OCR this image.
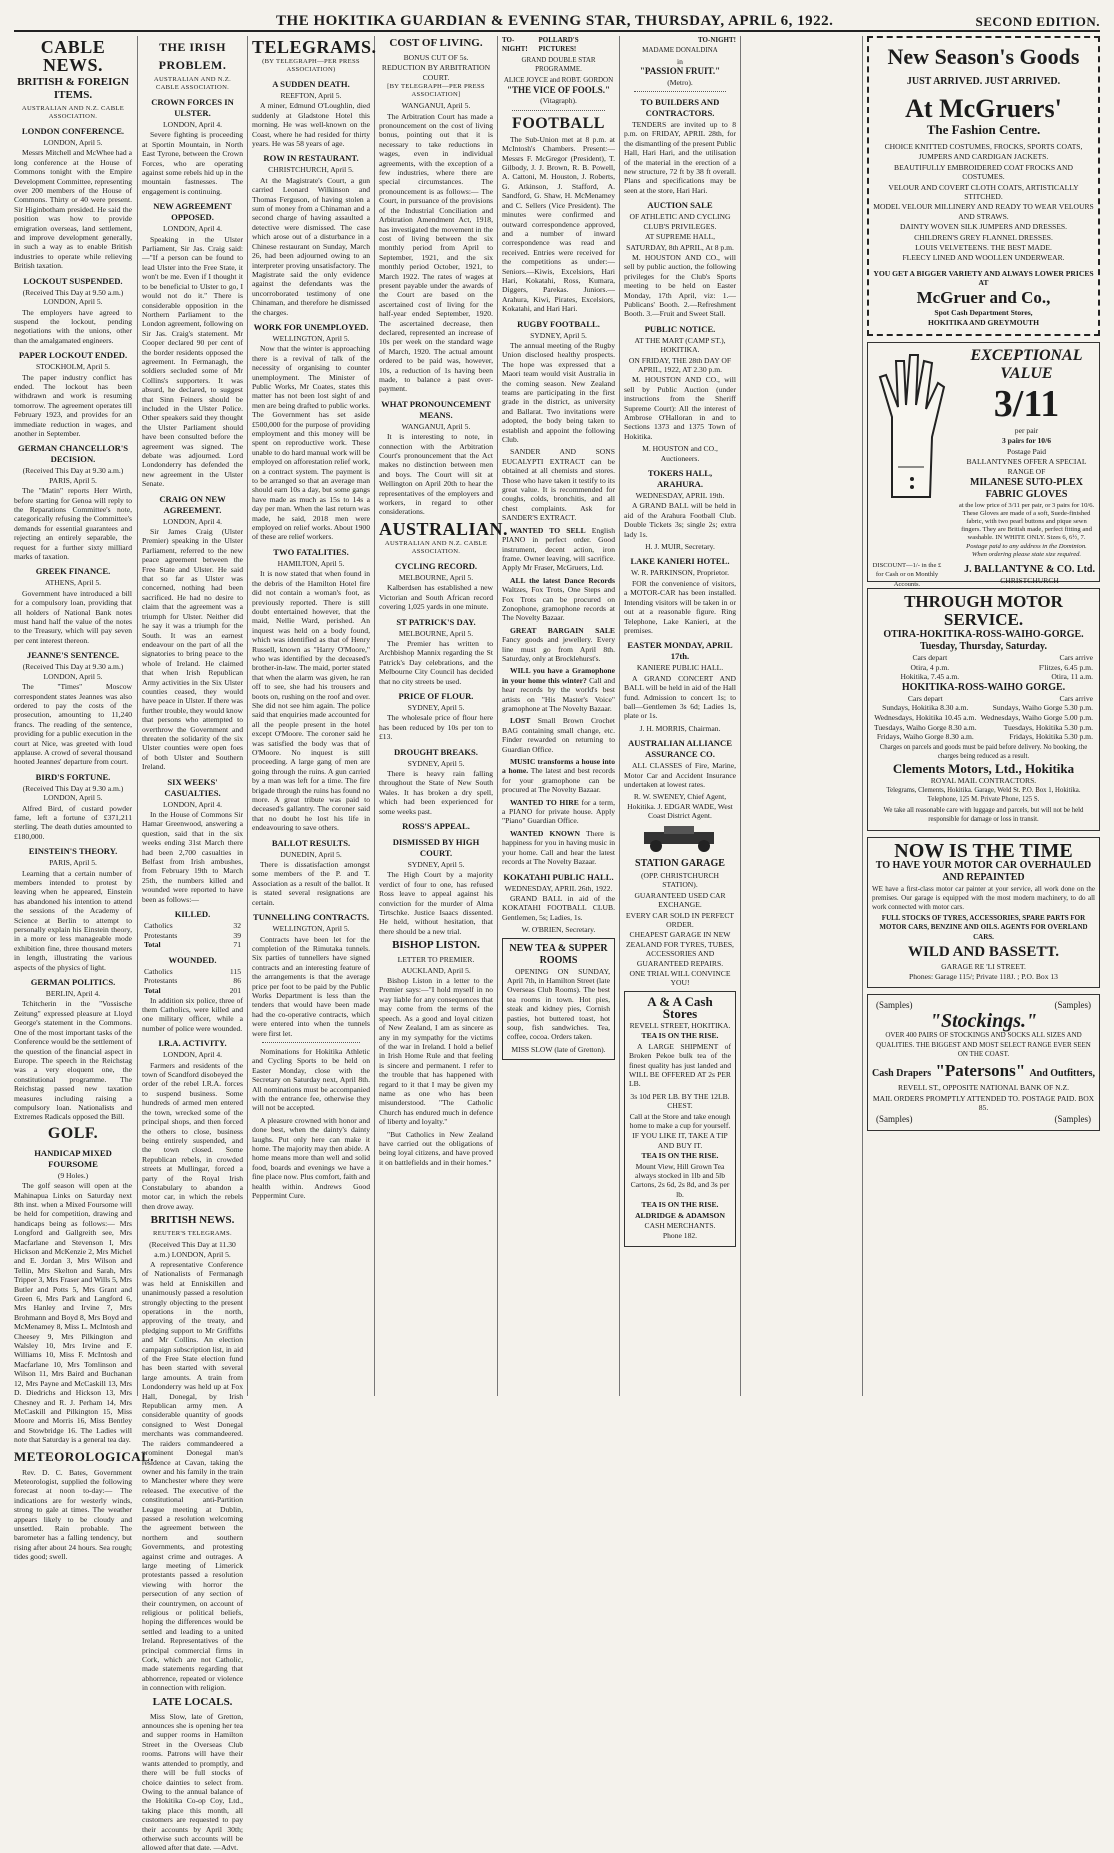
THE HOKITIKA GUARDIAN & EVENING STAR, THURSDAY, APRIL 6, 1922.	SECOND EDITION.
CABLE NEWS.
BRITISH & FOREIGN ITEMS.
AUSTRALIAN AND N.Z. CABLE ASSOCIATION.
LONDON CONFERENCE.
LONDON, April 5.

Messrs Mitchell and McWhee had a long conference at the House of Commons tonight with the Empire Development Committee, representing over 200 members of the House of Commons. Thirty or 40 were present. Sir Higinbotham presided. He said the position was how to provide emigration overseas, land settlement, and improve development generally, in such a way as to enable British industries to operate while relieving British taxation.

LOCKOUT SUSPENDED.
(Received This Day at 9.50 a.m.) LONDON, April 5.

The employers have agreed to suspend the lockout, pending negotiations with the unions, other than the amalgamated engineers.

PAPER LOCKOUT ENDED.
STOCKHOLM, April 5.

The paper industry conflict has ended. The lockout has been withdrawn and work is resuming tomorrow. The agreement operates till February 1923, and provides for an immediate reduction in wages, and another in September.

GERMAN CHANCELLOR'S DECISION.
(Received This Day at 9.30 a.m.) PARIS, April 5.

The "Matin" reports Herr Wirth, before starting for Genoa will reply to the Reparations Committee's note, categorically refusing the Committee's demands for essential guarantees and rejecting an entirely separable, the request for a further sixty milliard marks of taxation.

GREEK FINANCE.
ATHENS, April 5.

Government have introduced a bill for a compulsory loan, providing that all holders of National Bank notes must hand half the value of the notes to the Treasury, which will pay seven per cent interest thereon.

JEANNE'S SENTENCE.
(Received This Day at 9.30 a.m.) LONDON, April 5.

The "Times" Moscow correspondent states Jeannes was also ordered to pay the costs of the prosecution, amounting to 11,240 francs. The reading of the sentence, providing for a public execution in the court at Nice, was greeted with loud applause. A crowd of several thousand hooted Jeannes' departure from court.

BIRD'S FORTUNE.
(Received This Day at 9.30 a.m.) LONDON, April 5.

Alfred Bird, of custard powder fame, left a fortune of £371,211 sterling. The death duties amounted to £180,000.

EINSTEIN'S THEORY.
PARIS, April 5.

Learning that a certain number of members intended to protest by leaving when he appeared, Einstein has abandoned his intention to attend the sessions of the Academy of Science at Berlin to attempt to personally explain his Einstein theory, in a more or less manageable mode exhibition fine, three thousand meters in length, illustrating the various aspects of the physics of light.

GERMAN POLITICS.
BERLIN, April 4.

Tchitcherin in the "Vossische Zeitung" expressed pleasure at Lloyd George's statement in the Commons. One of the most important tasks of the Conference would be the settlement of the question of the financial aspect in Europe. The speech in the Reichstag was a very eloquent one, the constitutional programme. The Reichstag passed new taxation measures including raising a compulsory loan. Nationalists and Extremes Radicals opposed the Bill.

GOLF.
HANDICAP MIXED FOURSOME
(9 Holes.)

The golf season will open at the Mahinapua Links on Saturday next 8th inst. when a Mixed Foursome will be held for competition, drawing and handicaps being as follows:— Mrs Longford and Gallgreith see, Mrs Macfarlane and Stevenson I, Mrs Hickson and McKenzie 2, Mrs Michel and E. Jordan 3, Mrs Wilson and Tellin, Mrs Skelton and Sarah, Mrs Tripper 3, Mrs Fraser and Wills 5, Mrs Butler and Potts 5, Mrs Grant and Green 6, Mrs Park and Langford 6, Mrs Hanley and Irvine 7, Mrs Brohmann and Boyd 8, Mrs Boyd and McMenamey 8, Miss L. McIntosh and Cheesey 9, Mrs Pilkington and Walsley 10, Mrs Irvine and F. Williams 10, Miss F. McIntosh and Macfarlane 10, Mrs Tomlinson and Wilson 11, Mrs Baird and Buchanan 12, Mrs Payne and McCaskill 13, Mrs D. Diedrichs and Hickson 13, Mrs Chesney and R. J. Perham 14, Mrs McCaskill and Pilkington 15, Miss Moore and Morris 16, Miss Bentley and Stowbridge 16. The Ladies will note that Saturday is a general tea day.

METEOROLOGICAL.

Rev. D. C. Bates, Government Meteorologist, supplied the following forecast at noon to-day:— The indications are for westerly winds, strong to gale at times. The weather appears likely to be cloudy and unsettled. Rain probable. The barometer has a falling tendency, but rising after about 24 hours. Sea rough; tides good; swell.

THE IRISH PROBLEM.
AUSTRALIAN AND N.Z. CABLE ASSOCIATION.
CROWN FORCES IN ULSTER.
LONDON, April 4.

Severe fighting is proceeding at Sportin Mountain, in North East Tyrone, between the Crown Forces, who are operating against some rebels hid up in the mountain fastnesses. The engagement is continuing.

NEW AGREEMENT OPPOSED.
LONDON, April 4.

Speaking in the Ulster Parliament, Sir Jas. Craig said:—"If a person can be found to lead Ulster into the Free State, it won't be me. Even if I thought it to be beneficial to Ulster to go, I would not do it." There is considerable opposition in the Northern Parliament to the London agreement, following on Sir Jas. Craig's statement. Mr Cooper declared 90 per cent of the border residents opposed the agreement. In Fermanagh, the soldiers secluded some of Mr Collins's supporters. It was absurd, he declared, to suggest that Sinn Feiners should be included in the Ulster Police. Other speakers said they thought the Ulster Parliament should have been consulted before the agreement was signed. The debate was adjourned. Lord Londonderry has defended the new agreement in the Ulster Senate.

CRAIG ON NEW AGREEMENT.
LONDON, April 4.

Sir James Craig (Ulster Premier) speaking in the Ulster Parliament, referred to the new peace agreement between the Free State and Ulster. He said that so far as Ulster was concerned, nothing had been sacrificed. He had no desire to claim that the agreement was a triumph for Ulster. Neither did he say it was a triumph for the South. It was an earnest endeavour on the part of all the signatories to bring peace to the whole of Ireland. He claimed that when Irish Republican Army activities in the Six Ulster counties ceased, they would have peace in Ulster. If there was further trouble, they would know that persons who attempted to overthrow the Government and threaten the solidarity of the six Ulster counties were open foes of both Ulster and Southern Ireland.

SIX WEEKS' CASUALTIES.
LONDON, April 4.

In the House of Commons Sir Hamar Greenwood, answering a question, said that in the six weeks ending 31st March there had been 2,700 casualties in Belfast from Irish ambushes, from February 19th to March 25th, the numbers killed and wounded were reported to have been as follows:—

KILLED.
Catholics	32
Protestants	39
Total	71
WOUNDED.
Catholics	115
Protestants	86
Total	201

In addition six police, three of them Catholics, were killed and one military officer, while a number of police were wounded.

I.R.A. ACTIVITY.
LONDON, April 4.

Farmers and residents of the town of Scandford disobeyed the order of the rebel I.R.A. forces to suspend business. Some hundreds of armed men entered the town, wrecked some of the principal shops, and then forced the others to close, business being entirely suspended, and the town closed. Some Republican rebels, in crowded streets at Mullingar, forced a party of the Royal Irish Constabulary to abandon a motor car, in which the rebels then drove away.

BRITISH NEWS.
REUTER'S TELEGRAMS.
(Received This Day at 11.30 a.m.) LONDON, April 5.

A representative Conference of Nationalists of Fermanagh was held at Enniskillen and unanimously passed a resolution strongly objecting to the present operations in the north, approving of the treaty, and pledging support to Mr Griffiths and Mr Collins. An election campaign subscription list, in aid of the Free State election fund has been started with several large amounts. A train from Londonderry was held up at Fox Hall, Donegal, by Irish Republican army men. A considerable quantity of goods consigned to West Donegal merchants was commandeered. The raiders commandeered a prominent Donegal man's residence at Cavan, taking the owner and his family in the train to Manchester where they were released. The executive of the constitutional anti-Partition League meeting at Dublin, passed a resolution welcoming the agreement between the northern and southern Governments, and protesting against crime and outrages. A large meeting of Limerick protestants passed a resolution viewing with horror the persecution of any section of their countrymen, on account of religious or political beliefs, hoping the differences would be settled and leading to a united Ireland. Representatives of the principal commercial firms in Cork, which are not Catholic, made statements regarding that abhorrence, repeated or violence in connection with religion.

LATE LOCALS.

Miss Slow, late of Gretton, announces she is opening her tea and supper rooms in Hamilton Street in the Overseas Club rooms. Patrons will have their wants attended to promptly, and there will be full stocks of choice dainties to select from. Owing to the annual balance of the Hokitika Co-op Coy, Ltd., taking place this month, all customers are requested to pay their accounts by April 30th; otherwise such accounts will be allowed after that date. —Advt.

TELEGRAMS.
(BY TELEGRAPH—PER PRESS ASSOCIATION)
A SUDDEN DEATH.
REEFTON, April 5.

A miner, Edmund O'Loughlin, died suddenly at Gladstone Hotel this morning. He was well-known on the Coast, where he had resided for thirty years. He was 58 years of age.

ROW IN RESTAURANT.
CHRISTCHURCH, April 5.

At the Magistrate's Court, a gun carried Leonard Wilkinson and Thomas Ferguson, of having stolen a sum of money from a Chinaman and a second charge of having assaulted a detective were dismissed. The case which arose out of a disturbance in a Chinese restaurant on Sunday, March 26, had been adjourned owing to an interpreter proving unsatisfactory. The Magistrate said the only evidence against the defendants was the uncorroborated testimony of one Chinaman, and therefore he dismissed the charges.

WORK FOR UNEMPLOYED.
WELLINGTON, April 5.

Now that the winter is approaching there is a revival of talk of the necessity of organising to counter unemployment. The Minister of Public Works, Mr Coates, states this matter has not been lost sight of and men are being drafted to public works. The Government has set aside £500,000 for the purpose of providing employment and this money will be spent on reproductive work. These unable to do hard manual work will be employed on afforestation relief work, on a contract system. The payment is to be arranged so that an average man should earn 10s a day, but some gangs have made as much as 15s to 14s a day per man. When the last return was made, he said, 2018 men were employed on relief works. About 1900 of these are relief workers.

TWO FATALITIES.
HAMILTON, April 5.

It is now stated that when found in the debris of the Hamilton Hotel fire did not contain a woman's foot, as previously reported. There is still doubt entertained however, that the maid, Nellie Ward, perished. An inquest was held on a body found, which was identified as that of Henry Russell, known as "Harry O'Moore," who was identified by the deceased's brother-in-law. The maid, porter stated that when the alarm was given, he ran off to see, she had his trousers and boots on, rushing on the roof and over. She did not see him again. The police said that enquiries made accounted for all the people present in the hotel except O'Moore. The coroner said he was satisfied the body was that of O'Moore. No inquest is still proceeding. A large gang of men are going through the ruins. A gun carried by a man was left for a time. The fire brigade through the ruins has found no more. A great tribute was paid to deceased's gallantry. The coroner said that no doubt he lost his life in endeavouring to save others.

BALLOT RESULTS.
DUNEDIN, April 5.

There is dissatisfaction amongst some members of the P. and T. Association as a result of the ballot. It is stated several resignations are certain.

TUNNELLING CONTRACTS.
WELLINGTON, April 5.

Contracts have been let for the completion of the Rimutaka tunnels. Six parties of tunnellers have signed contracts and an interesting feature of the arrangements is that the average price per foot to be paid by the Public Works Department is less than the tenders that would have been made had the co-operative contracts, which were entered into when the tunnels were first let.

Nominations for Hokitika Athletic and Cycling Sports to be held on Easter Monday, close with the Secretary on Saturday next, April 8th. All nominations must be accompanied with the entrance fee, otherwise they will not be accepted.

A pleasure crowned with honor and done best, when the dainty's dainty laughs. Put only here can make it home. The majority may then abide. A home means more than well and solid food, boards and evenings we have a fine place now. Plus comfort, faith and health within. Andrews Good Peppermint Cure.

COST OF LIVING.
BONUS CUT OF 5s.
REDUCTION BY ARBITRATION COURT.
[BY TELEGRAPH—PER PRESS ASSOCIATION]
WANGANUI, April 5.

The Arbitration Court has made a pronouncement on the cost of living bonus, pointing out that it is necessary to take reductions in wages, even in individual agreements, with the exception of a few industries, where there are special circumstances. The pronouncement is as follows:— The Court, in pursuance of the provisions of the Industrial Conciliation and Arbitration Amendment Act, 1918, has investigated the movement in the cost of living between the six monthly period from April to September, 1921, and the six monthly period October, 1921, to March 1922. The rates of wages at present payable under the awards of the Court are based on the ascertained cost of living for the half-year ended September, 1920. The ascertained decrease, then declared, represented an increase of 10s per week on the standard wage of March, 1920. The actual amount ordered to be paid was, however, 10s, a reduction of 1s having been made, to balance a past over-payment.

WHAT PRONOUNCEMENT MEANS.
WANGANUI, April 5.

It is interesting to note, in connection with the Arbitration Court's pronouncement that the Act makes no distinction between men and boys. The Court will sit at Wellington on April 20th to hear the representatives of the employers and workers, in regard to other considerations.

AUSTRALIAN.
AUSTRALIAN AND N.Z. CABLE ASSOCIATION.
CYCLING RECORD.
MELBOURNE, April 5.

Kalberdsen has established a new Victorian and South African record covering 1,025 yards in one minute.

ST PATRICK'S DAY.
MELBOURNE, April 5.

The Premier has written to Archbishop Mannix regarding the St Patrick's Day celebrations, and the Melbourne City Council has decided that no city streets be used.

PRICE OF FLOUR.
SYDNEY, April 5.

The wholesale price of flour here has been reduced by 10s per ton to £13.

DROUGHT BREAKS.
SYDNEY, April 5.

There is heavy rain falling throughout the State of New South Wales. It has broken a dry spell, which had been experienced for some weeks past.

ROSS'S APPEAL.
DISMISSED BY HIGH COURT.
SYDNEY, April 5.

The High Court by a majority verdict of four to one, has refused Ross leave to appeal against his conviction for the murder of Alma Tirtschke. Justice Isaacs dissented. He held, without hesitation, that there should be a new trial.

BISHOP LISTON.
LETTER TO PREMIER.
AUCKLAND, April 5.

Bishop Liston in a letter to the Premier says:—"I hold myself in no way liable for any consequences that may come from the terms of the speech. As a good and loyal citizen of New Zealand, I am as sincere as any in my sympathy for the victims of the war in Ireland. I hold a belief in Irish Home Rule and that feeling is sincere and permanent. I refer to the trouble that has happened with regard to it that I may be given my name as one who has been misunderstood. "The Catholic Church has endured much in defence of liberty and loyalty."

"But Catholics in New Zealand have carried out the obligations of being loyal citizens, and have proved it on battlefields and in their homes."

TO-NIGHT!
POLLARD'S PICTURES!
GRAND DOUBLE STAR PROGRAMME.
ALICE JOYCE and ROBT. GORDON
"THE VICE OF FOOLS."
(Vitagraph).
FOOTBALL

The Sub-Union met at 8 p.m. at McIntosh's Chambers. Present:—Messrs F. McGregor (President), T. Gilbody, J. J. Brown, R. B. Powell, A. Cattoni, M. Houston, J. Roberts, G. Atkinson, J. Stafford, A. Sandford, G. Shaw, H. McMenamey and C. Sellers (Vice President). The minutes were confirmed and outward correspondence approved, and a number of inward correspondence was read and received. Entries were received for the competitions as under:— Seniors.—Kiwis, Excelsiors, Hari Hari, Kokatahi, Ross, Kumara, Diggers, Parekas. Juniors.—Arahura, Kiwi, Pirates, Excelsiors, Kokatahi, and Hari Hari.

RUGBY FOOTBALL.
SYDNEY, April 5.

The annual meeting of the Rugby Union disclosed healthy prospects. The hope was expressed that a Maori team would visit Australia in the coming season. New Zealand teams are participating in the first grade in the district, as university and Ballarat. Two invitations were adopted, the body being taken to establish and appoint the following Club.

SANDER AND SONS EUCALYPTI EXTRACT can be obtained at all chemists and stores. Those who have taken it testify to its great value. It is recommended for coughs, colds, bronchitis, and all chest complaints. Ask for SANDER'S EXTRACT.

WANTED TO SELL English PIANO in perfect order. Good instrument, decent action, iron frame. Owner leaving, will sacrifice. Apply Mr Fraser, McGruers, Ltd.

ALL the latest Dance Records Waltzes, Fox Trots, One Steps and Fox Trots can be procured on Zonophone, gramophone records at The Novelty Bazaar.

GREAT BARGAIN SALE Fancy goods and jewellery. Every line must go from April 8th. Saturday, only at Brocklehurst's.

WILL you have a Gramophone in your home this winter? Call and hear records by the world's best artists on "His Master's Voice" gramophone at The Novelty Bazaar.

LOST Small Brown Crochet BAG containing small change, etc. Finder rewarded on returning to Guardian Office.

MUSIC transforms a house into a home. The latest and best records for your gramophone can be procured at The Novelty Bazaar.

WANTED TO HIRE for a term, a PIANO for private house. Apply "Piano" Guardian Office.

WANTED KNOWN There is happiness for you in having music in your home. Call and hear the latest records at The Novelty Bazaar.

KOKATAHI PUBLIC HALL.
WEDNESDAY, APRIL 26th, 1922.

GRAND BALL in aid of the KOKATAHI FOOTBALL CLUB. Gentlemen, 5s; Ladies, 1s.

W. O'BRIEN, Secretary.
NEW TEA & SUPPER ROOMS

OPENING ON SUNDAY, April 7th, in Hamilton Street (late Overseas Club Rooms). The best tea rooms in town. Hot pies, steak and kidney pies, Cornish pasties, hot buttered toast, hot soup, fish sandwiches. Tea, coffee, cocoa. Orders taken.

MISS SLOW (late of Gretton).
TO-NIGHT!
MADAME DONALDINA
in
"PASSION FRUIT."
(Metro).
TO BUILDERS AND CONTRACTORS.

TENDERS are invited up to 8 p.m. on FRIDAY, APRIL 28th, for the dismantling of the present Public Hall, Hari Hari, and the utilisation of the material in the erection of a new structure, 72 ft by 38 ft overall. Plans and specifications may be seen at the store, Hari Hari.

AUCTION SALE
OF ATHLETIC AND CYCLING CLUB'S PRIVILEGES.
AT SUPREME HALL,
SATURDAY, 8th APRIL, At 8 p.m.

M. HOUSTON AND CO., will sell by public auction, the following privileges for the Club's Sports meeting to be held on Easter Monday, 17th April, viz: 1.—Publicans' Booth. 2.—Refreshment Booth. 3.—Fruit and Sweet Stall.

PUBLIC NOTICE.
AT THE MART (CAMP ST.), HOKITIKA.
ON FRIDAY, THE 28th DAY OF APRIL, 1922, AT 2.30 p.m.

M. HOUSTON AND CO., will sell by Public Auction (under instructions from the Sheriff Supreme Court): All the interest of Ambrose O'Halloran in and to Sections 1373 and 1375 Town of Hokitika.

M. HOUSTON and CO., Auctioneers.
TOKERS HALL, ARAHURA.
WEDNESDAY, APRIL 19th.

A GRAND BALL will be held in aid of the Arahura Football Club. Double Tickets 3s; single 2s; extra lady 1s.

H. J. MUIR, Secretary.
LAKE KANIERI HOTEL.
W. R. PARKINSON, Proprietor.

FOR the convenience of visitors, a MOTOR-CAR has been installed. Intending visitors will be taken in or out at a reasonable figure. Ring Telephone, Lake Kanieri, at the premises.

EASTER MONDAY, APRIL 17th.
KANIERE PUBLIC HALL.

A GRAND CONCERT AND BALL will be held in aid of the Hall fund. Admission to concert 1s; to ball—Gentlemen 3s 6d; Ladies 1s, plate or 1s.

J. H. MORRIS, Chairman.
AUSTRALIAN ALLIANCE ASSURANCE CO.

ALL CLASSES of Fire, Marine, Motor Car and Accident Insurance undertaken at lowest rates.

R. W. SWENEY, Chief Agent, Hokitika. J. EDGAR WADE, West Coast District Agent.
STATION GARAGE
(OPP. CHRISTCHURCH STATION).
GUARANTEED USED CAR EXCHANGE.
EVERY CAR SOLD IN PERFECT ORDER.
CHEAPEST GARAGE IN NEW ZEALAND FOR TYRES, TUBES, ACCESSORIES AND GUARANTEED REPAIRS.
ONE TRIAL WILL CONVINCE YOU!
A & A Cash Stores
REVELL STREET, HOKITIKA.
TEA IS ON THE RISE.

A LARGE SHIPMENT of Broken Pekoe bulk tea of the finest quality has just landed and WILL BE OFFERED AT 2s PER LB.

3s 10d PER LB. BY THE 12LB. CHEST.
Call at the Store and take enough home to make a cup for yourself.
IF YOU LIKE IT, TAKE A TIP AND BUY IT.
TEA IS ON THE RISE.
Mount View, Hill Grown Tea always stocked in 1lb and 5lb Cartons, 2s 6d, 2s 8d, and 3s per lb.
TEA IS ON THE RISE.
ALDRIDGE & ADAMSON
CASH MERCHANTS.
Phone 182.
New Season's Goods
JUST ARRIVED. JUST ARRIVED.
At McGruers'
The Fashion Centre.
CHOICE KNITTED COSTUMES, FROCKS, SPORTS COATS,
JUMPERS AND CARDIGAN JACKETS.
BEAUTIFULLY EMBROIDERED COAT FROCKS AND COSTUMES.
VELOUR AND COVERT CLOTH COATS, ARTISTICALLY STITCHED.
MODEL VELOUR MILLINERY AND READY TO WEAR VELOURS AND STRAWS.
DAINTY WOVEN SILK JUMPERS AND DRESSES.
CHILDREN'S GREY FLANNEL DRESSES.
LOUIS VELVETEENS. THE BEST MADE.
FLEECY LINED AND WOOLLEN UNDERWEAR.
YOU GET A BIGGER VARIETY AND ALWAYS LOWER PRICES AT
McGruer and Co.,
Spot Cash Department Stores,
HOKITIKA AND GREYMOUTH
EXCEPTIONAL
VALUE
3/11
per pair
3 pairs for 10/6
Postage Paid
BALLANTYNES OFFER A SPECIAL RANGE OF
MILANESE SUTO-PLEX FABRIC GLOVES
at the low price of 3/11 per pair, or 3 pairs for 10/6. These Gloves are made of a soft, Suede-finished fabric, with two pearl buttons and pique sewn fingers. They are British made, perfect fitting and washable. IN WHITE ONLY. Sizes 6, 6½, 7.
Postage paid to any address in the Dominion. When ordering please state size required.
DISCOUNT—1/- in the £ for Cash or on Monthly Accounts.
J. BALLANTYNE & CO. Ltd.
CHRISTCHURCH
THROUGH MOTOR SERVICE.
OTIRA-HOKITIKA-ROSS-WAIHO-GORGE.
Tuesday, Thursday, Saturday.
Cars depart	Cars arrive
Otira, 4 p.m.	F'litzes, 6.45 p.m.
Hokitika, 7.45 a.m.	Otira, 11 a.m.
HOKITIKA-ROSS-WAIHO GORGE.
Cars depart	Cars arrive
Sundays, Hokitika 8.30 a.m.	Sundays, Waiho Gorge 5.30 p.m.
Wednesdays, Hokitika 10.45 a.m.	Wednesdays, Waiho Gorge 5.00 p.m.
Tuesdays, Waiho Gorge 8.30 a.m.	Tuesdays, Hokitika 5.30 p.m.
Fridays, Waiho Gorge 8.30 a.m.	Fridays, Hokitika 5.30 p.m.
Charges on parcels and goods must be paid before delivery. No booking, the charges being reduced as a result.
Clements Motors, Ltd., Hokitika
ROYAL MAIL CONTRACTORS.
Telegrams, Clements, Hokitika. Garage, Weld St. P.O. Box 1, Hokitika. Telephone, 125 M. Private Phone, 125 S.
We take all reasonable care with luggage and parcels, but will not be held responsible for damage or loss in transit.
NOW IS THE TIME
TO HAVE YOUR MOTOR CAR OVERHAULED AND REPAINTED
WE have a first-class motor car painter at your service, all work done on the premises. Our garage is equipped with the most modern machinery, to do all work connected with motor cars.
FULL STOCKS OF TYRES, ACCESSORIES, SPARE PARTS FOR MOTOR CARS, BENZINE AND OILS. AGENTS FOR OVERLAND CARS.
WILD AND BASSETT.
GARAGE RE 'LI STREET.
Phones: Garage 115/; Private 118J. ; P.O. Box 13
(Samples)	(Samples)
"Stockings."
OVER 400 PAIRS OF STOCKINGS AND SOCKS ALL SIZES AND QUALITIES. THE BIGGEST AND MOST SELECT RANGE EVER SEEN ON THE COAST.
Cash Drapers "Patersons" And Outfitters,
REVELL ST., OPPOSITE NATIONAL BANK OF N.Z.
MAIL ORDERS PROMPTLY ATTENDED TO. POSTAGE PAID. BOX 85.
(Samples)	(Samples)
